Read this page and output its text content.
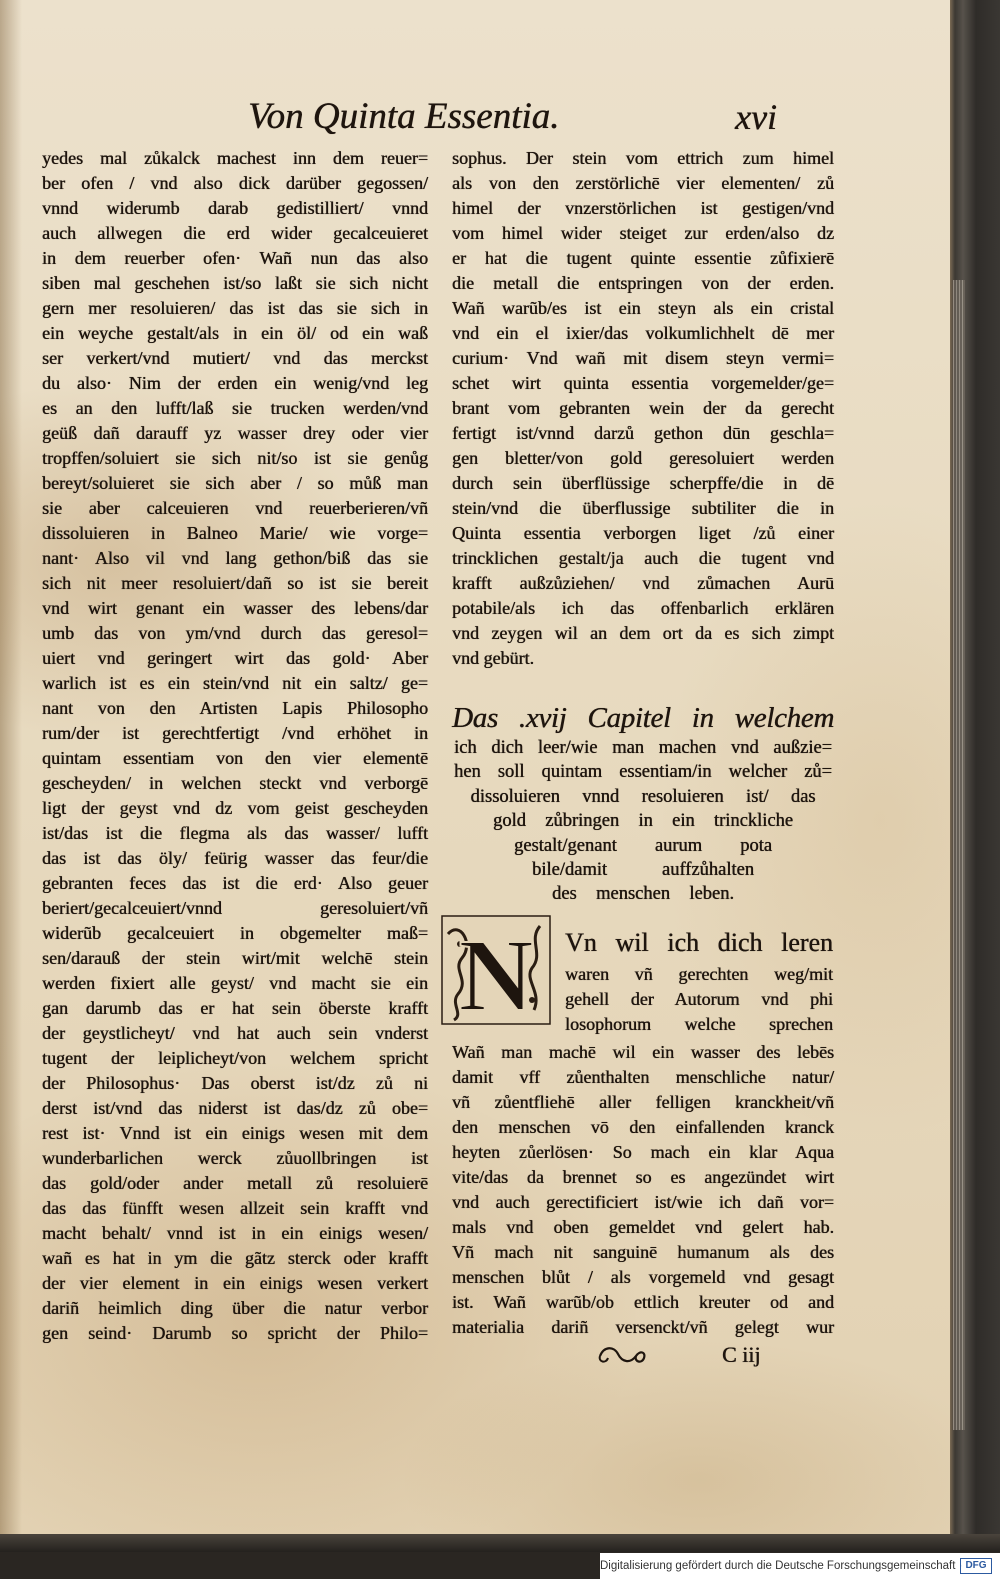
Von Quinta Essentia.	xvi
yedes mal zůkalck machest inn dem reuer=
ber ofen / vnd also dick darüber gegossen/
vnnd widerumb darab gedistilliert/ vnnd
auch allwegen die erd wider gecalceuieret
in dem reuerber ofen· Wañ nun das also
siben mal geschehen ist/so laßt sie sich nicht
gern mer resoluieren/ das ist das sie sich in
ein weyche gestalt/als in ein öl/ od ein waß
ser verkert/vnd mutiert/ vnd das merckst
du also· Nim der erden ein wenig/vnd leg
es an den lufft/laß sie trucken werden/vnd
geüß dañ darauff yz wasser drey oder vier
tropffen/soluiert sie sich nit/so ist sie genůg
bereyt/soluieret sie sich aber / so můß man
sie aber calceuieren vnd reuerberieren/vñ
dissoluieren in Balneo Marie/ wie vorge=
nant· Also vil vnd lang gethon/biß das sie
sich nit meer resoluiert/dañ so ist sie bereit
vnd wirt genant ein wasser des lebens/dar
umb das von ym/vnd durch das geresol=
uiert vnd geringert wirt das gold· Aber
warlich ist es ein stein/vnd nit ein saltz/ ge=
nant von den Artisten Lapis Philosopho
rum/der ist gerechtfertigt /vnd erhöhet in
quintam essentiam von den vier elementē
gescheyden/ in welchen steckt vnd verborgē
ligt der geyst vnd dz vom geist gescheyden
ist/das ist die flegma als das wasser/ lufft
das ist das öly/ feürig wasser das feur/die
gebranten feces das ist die erd· Also geuer
beriert/gecalceuiert/vnnd geresoluiert/vñ
widerũb gecalceuiert in obgemelter maß=
sen/darauß der stein wirt/mit welchē stein
werden fixiert alle geyst/ vnd macht sie ein
gan darumb das er hat sein öberste krafft
der geystlicheyt/ vnd hat auch sein vnderst
tugent der leiplicheyt/von welchem spricht
der Philosophus· Das oberst ist/dz zů ni
derst ist/vnd das niderst ist das/dz zů obe=
rest ist· Vnnd ist ein einigs wesen mit dem
wunderbarlichen werck zůuollbringen ist
das gold/oder ander metall zů resoluierē
das das fünfft wesen allzeit sein krafft vnd
macht behalt/ vnnd ist in ein einigs wesen/
wañ es hat in ym die gãtz sterck oder krafft
der vier element in ein einigs wesen verkert
dariñ heimlich ding über die natur verbor
gen seind· Darumb so spricht der Philo=
sophus. Der stein vom ettrich zum himel
als von den zerstörlichē vier elementen/ zů
himel der vnzerstörlichen ist gestigen/vnd
vom himel wider steiget zur erden/also dz
er hat die tugent quinte essentie zůfixierē
die metall die entspringen von der erden.
Wañ warũb/es ist ein steyn als ein cristal
vnd ein el ixier/das volkumlichhelt dē mer
curium· Vnd wañ mit disem steyn vermi=
schet wirt quinta essentia vorgemelder/ge=
brant vom gebranten wein der da gerecht
fertigt ist/vnnd darzů gethon dūn geschla=
gen bletter/von gold geresoluiert werden
durch sein überflüssige scherpffe/die in dē
stein/vnd die überflussige subtiliter die in
Quinta essentia verborgen liget /zů einer
trincklichen gestalt/ja auch die tugent vnd
krafft außzůziehen/ vnd zůmachen Aurū
potabile/als ich das offenbarlich erklären
vnd zeygen wil an dem ort da es sich zimpt
vnd gebürt.
Das .xvij Capitel in welchem
ich dich leer/wie man machen vnd außzie=
hen soll quintam essentiam/in welcher zů=
dissoluieren vnnd resoluieren ist/ das
gold zůbringen in ein trinckliche
gestalt/genant aurum pota
bile/damit auffzůhalten
des menschen leben.
N Vn wil ich dich leren
waren vñ gerechten weg/mit
gehell der Autorum vnd phi
losophorum welche sprechen
Wañ man machē wil ein wasser des lebēs
damit vff zůenthalten menschliche natur/
vñ zůentfliehē aller felligen kranckheit/vñ
den menschen vō den einfallenden kranck
heyten zůerlösen· So mach ein klar Aqua
vite/das da brennet so es angezündet wirt
vnd auch gerectificiert ist/wie ich dañ vor=
mals vnd oben gemeldet vnd gelert hab.
Vñ mach nit sanguinē humanum als des
menschen blůt / als vorgemeld vnd gesagt
ist. Wañ warũb/ob ettlich kreuter od and
materialia dariñ versenckt/vñ gelegt wur
C iij
Digitalisierung gefördert durch die Deutsche Forschungsgemeinschaft · DFG
